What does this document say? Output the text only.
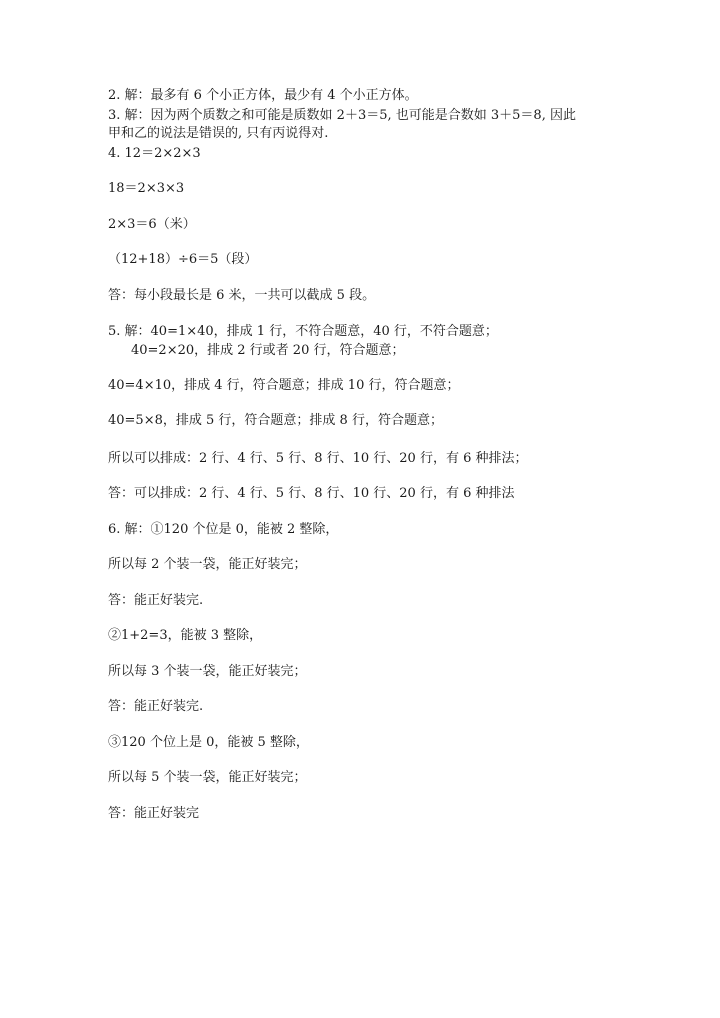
2. 解：最多有 6 个小正方体，最少有 4 个小正方体。
3. 解：因为两个质数之和可能是质数如 2＋3＝5, 也可能是合数如 3＋5＝8, 因此
甲和乙的说法是错误的, 只有丙说得对.
4. 12＝2×2×3
18＝2×3×3
2×3＝6（米）
（12+18）÷6＝5（段）
答：每小段最长是 6 米，一共可以截成 5 段。
5. 解：40=1×40，排成 1 行，不符合题意，40 行，不符合题意；
40=2×20，排成 2 行或者 20 行，符合题意；
40=4×10，排成 4 行，符合题意；排成 10 行，符合题意；
40=5×8，排成 5 行，符合题意；排成 8 行，符合题意；
所以可以排成：2 行、4 行、5 行、8 行、10 行、20 行，有 6 种排法；
答：可以排成：2 行、4 行、5 行、8 行、10 行、20 行，有 6 种排法
6. 解：①120 个位是 0，能被 2 整除，
所以每 2 个装一袋，能正好装完；
答：能正好装完.
②1+2=3，能被 3 整除，
所以每 3 个装一袋，能正好装完；
答：能正好装完.
③120 个位上是 0，能被 5 整除，
所以每 5 个装一袋，能正好装完；
答：能正好装完
